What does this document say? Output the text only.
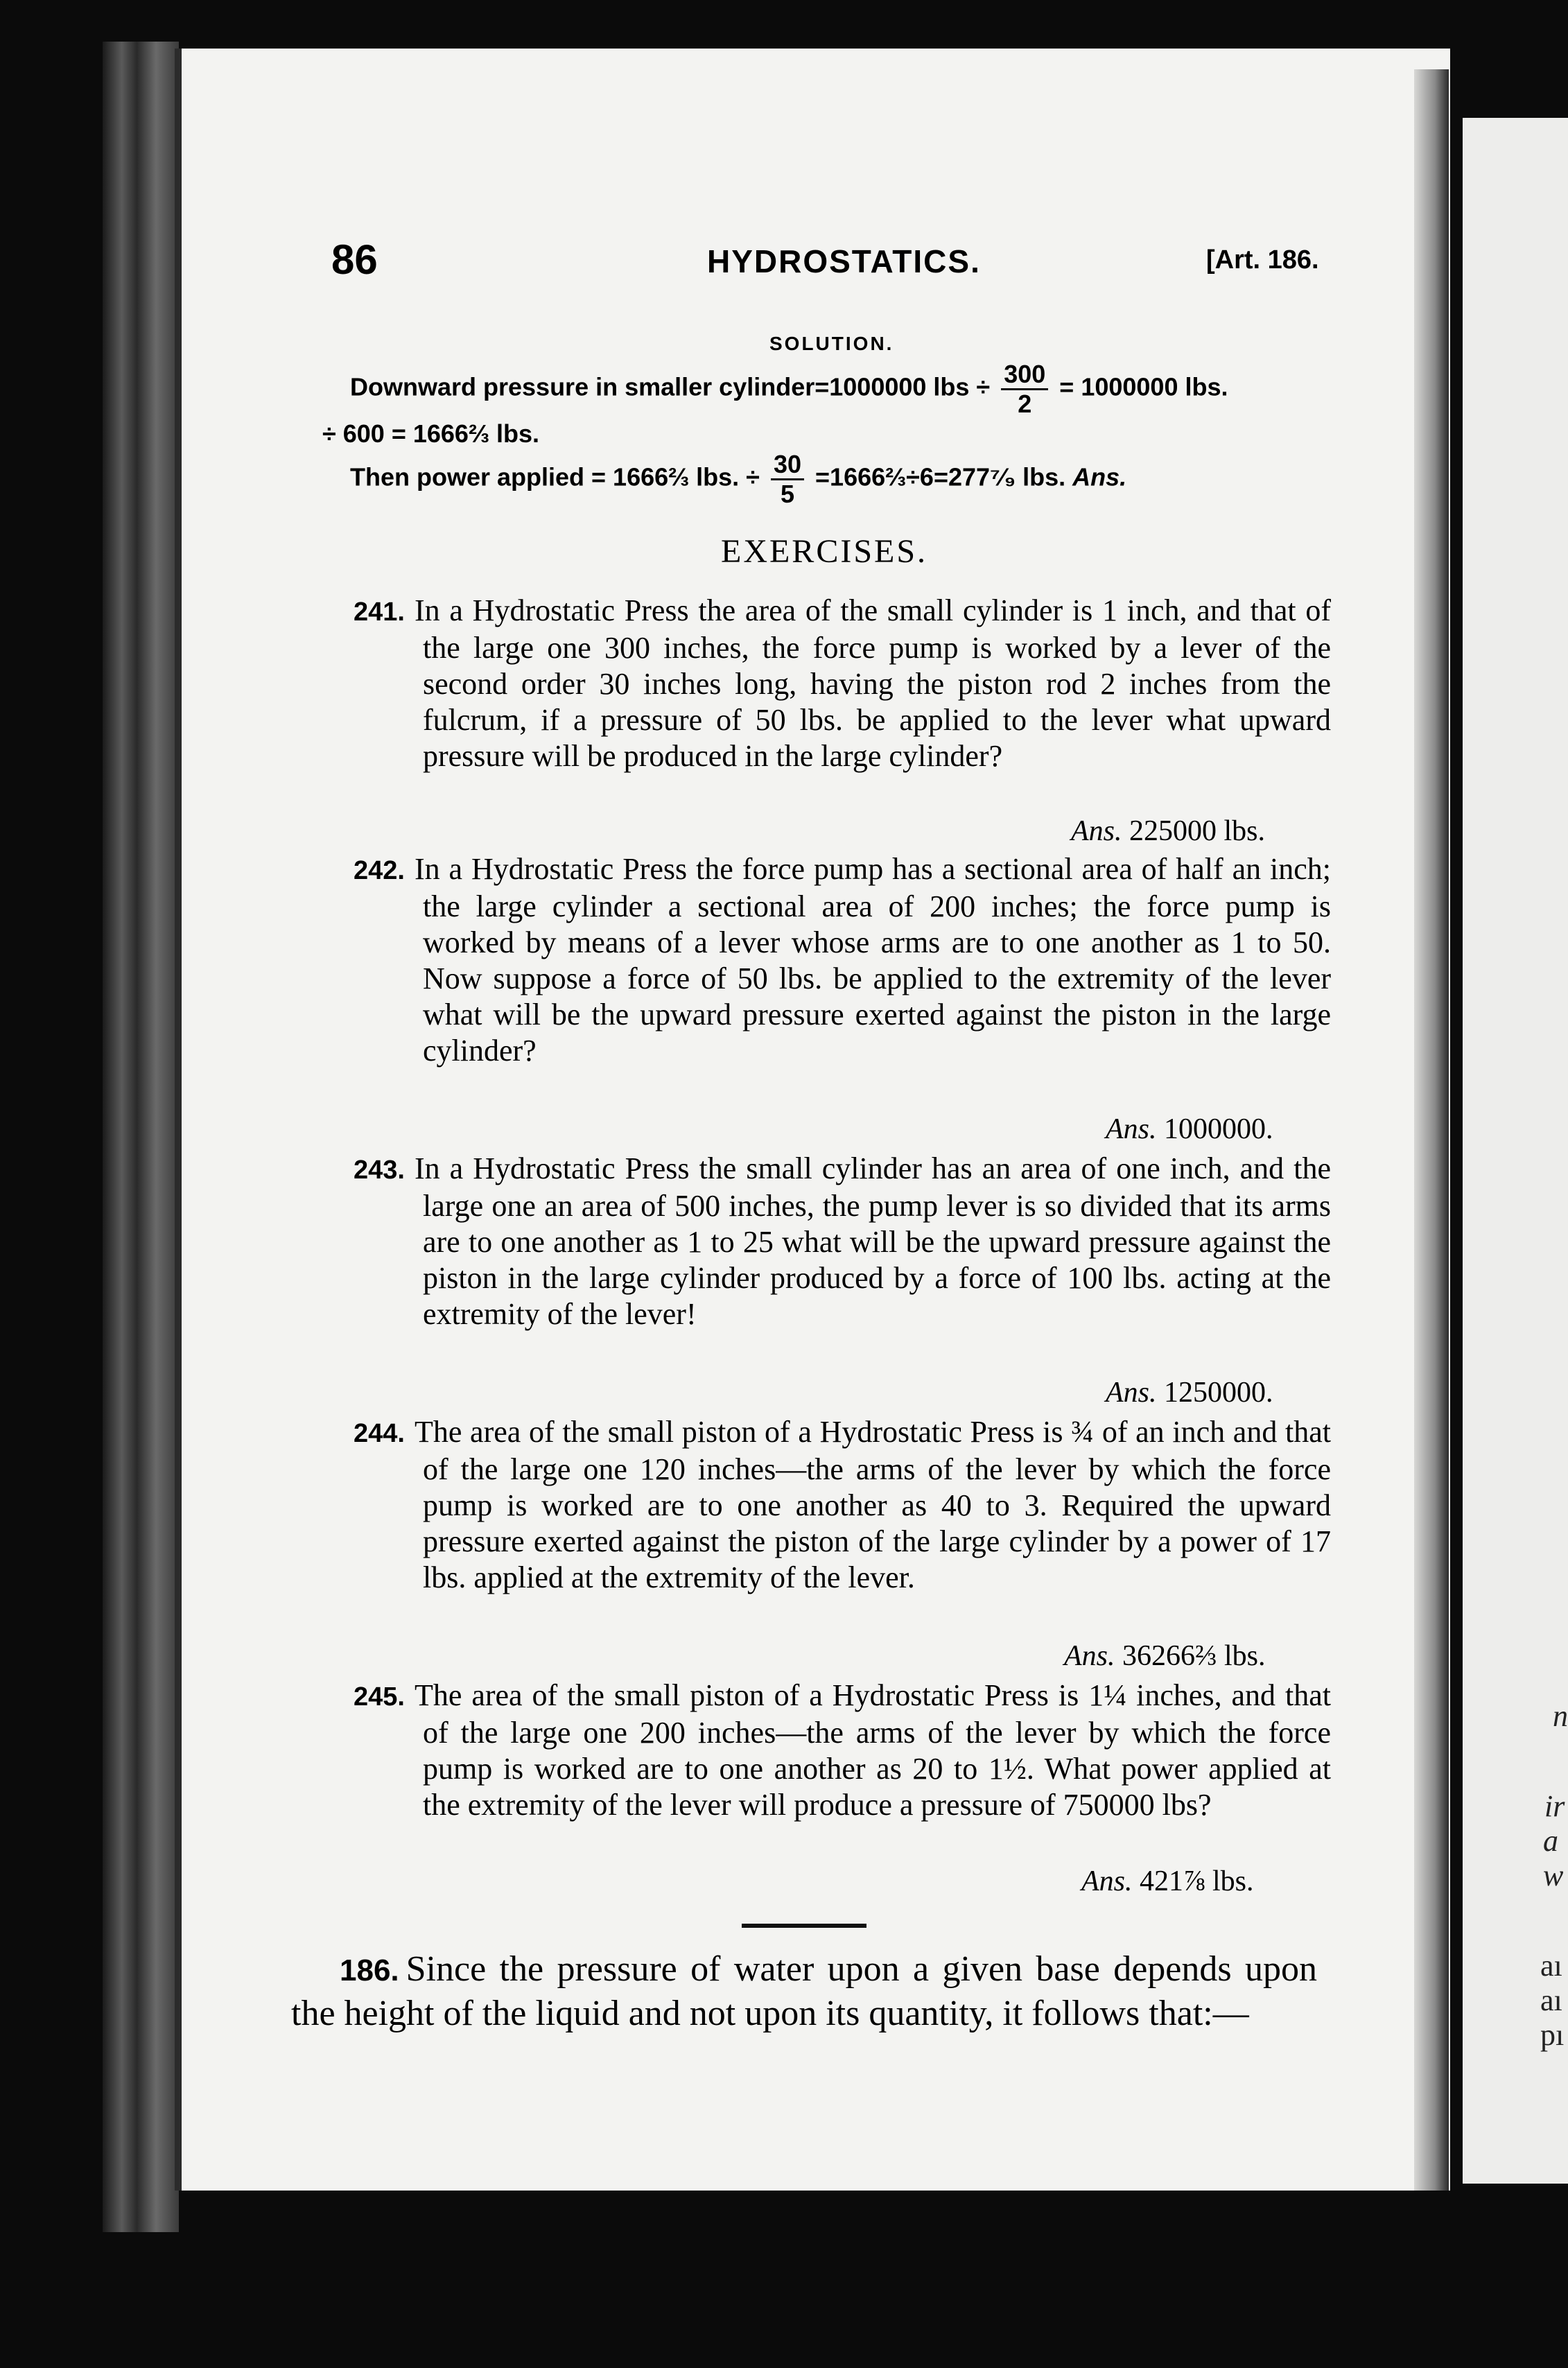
n
ir
a
w
aı
aı
pı
86	HYDROSTATICS.	[Art. 186.
SOLUTION.
Downward pressure in smaller cylinder=1000000 lbs ÷ $\frac{300}{2} = 1000000$ lbs.
÷ 600 = 1666⅔ lbs.
Then power applied = 1666⅔ lbs. ÷ $\frac{30}{5}$ =1666⅔÷6=277⁷⁄₉ lbs. Ans.
EXERCISES.
241. In a Hydrostatic Press the area of the small cylinder is 1 inch, and that of the large one 300 inches, the force pump is worked by a lever of the second order 30 inches long, having the piston rod 2 inches from the fulcrum, if a pressure of 50 lbs. be applied to the lever what upward pressure will be produced in the large cylinder?
Ans. 225000 lbs.
242. In a Hydrostatic Press the force pump has a sectional area of half an inch; the large cylinder a sectional area of 200 inches; the force pump is worked by means of a lever whose arms are to one another as 1 to 50. Now suppose a force of 50 lbs. be applied to the extremity of the lever what will be the upward pressure exerted against the piston in the large cylinder?
Ans. 1000000.
243. In a Hydrostatic Press the small cylinder has an area of one inch, and the large one an area of 500 inches, the pump lever is so divided that its arms are to one another as 1 to 25 what will be the upward pressure against the piston in the large cylinder produced by a force of 100 lbs. acting at the extremity of the lever!
Ans. 1250000.
244. The area of the small piston of a Hydrostatic Press is ¾ of an inch and that of the large one 120 inches—the arms of the lever by which the force pump is worked are to one another as 40 to 3. Required the upward pressure exerted against the piston of the large cylinder by a power of 17 lbs. applied at the extremity of the lever.
Ans. 36266⅔ lbs.
245. The area of the small piston of a Hydrostatic Press is 1¼ inches, and that of the large one 200 inches—the arms of the lever by which the force pump is worked are to one another as 20 to 1½. What power applied at the extremity of the lever will produce a pressure of 750000 lbs?
Ans. 421⅞ lbs.
186. Since the pressure of water upon a given base depends upon the height of the liquid and not upon its quantity, it follows that:—
